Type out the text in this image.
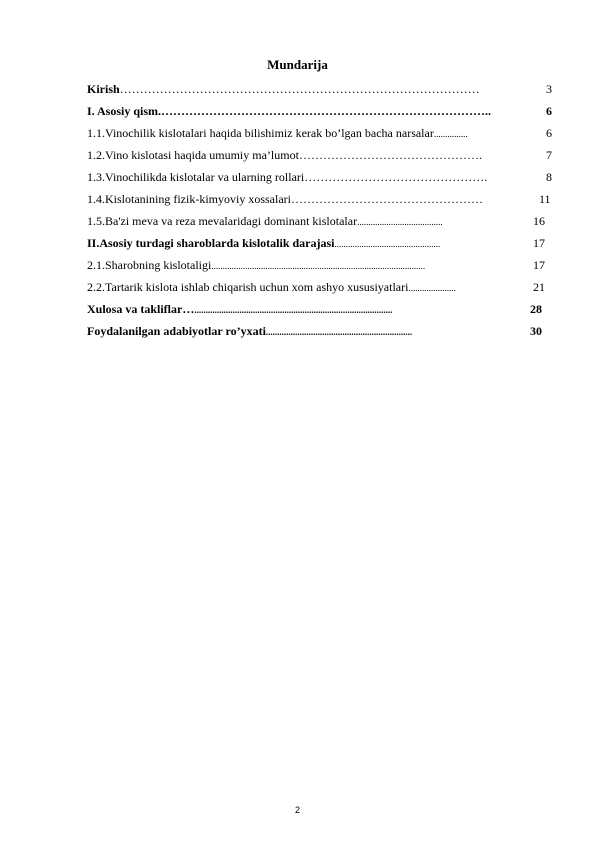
Mundarija
Kirish………………………………………………………………………………	3
I. Asosiy qism.………………………………………………………………………..	6
1.1.Vinochilik kislotalari haqida bilishimiz kerak bo’lgan bacha narsalar...............	6
1.2.Vino kislotasi haqida umumiy ma’lumot……………………………………….	7
1.3.Vinochilikda kislotalar va ularning rollari……………………………………….	8
1.4.Kislotanining fizik-kimyoviy xossalari…………………………………………	11
1.5.Ba'zi meva va reza mevalaridagi dominant kislotalar......................................	16
II.Asosiy turdagi sharoblarda kislotalik darajasi...............................................	17
2.1.Sharobning kislotaligi...............................................................................................	17
2.2.Tartarik kislota ishlab chiqarish uchun xom ashyo xususiyatlari.....................	21
Xulosa va takliflar…........................................................................................	28
Foydalanilgan adabiyotlar ro’yxati.................................................................	30
2
